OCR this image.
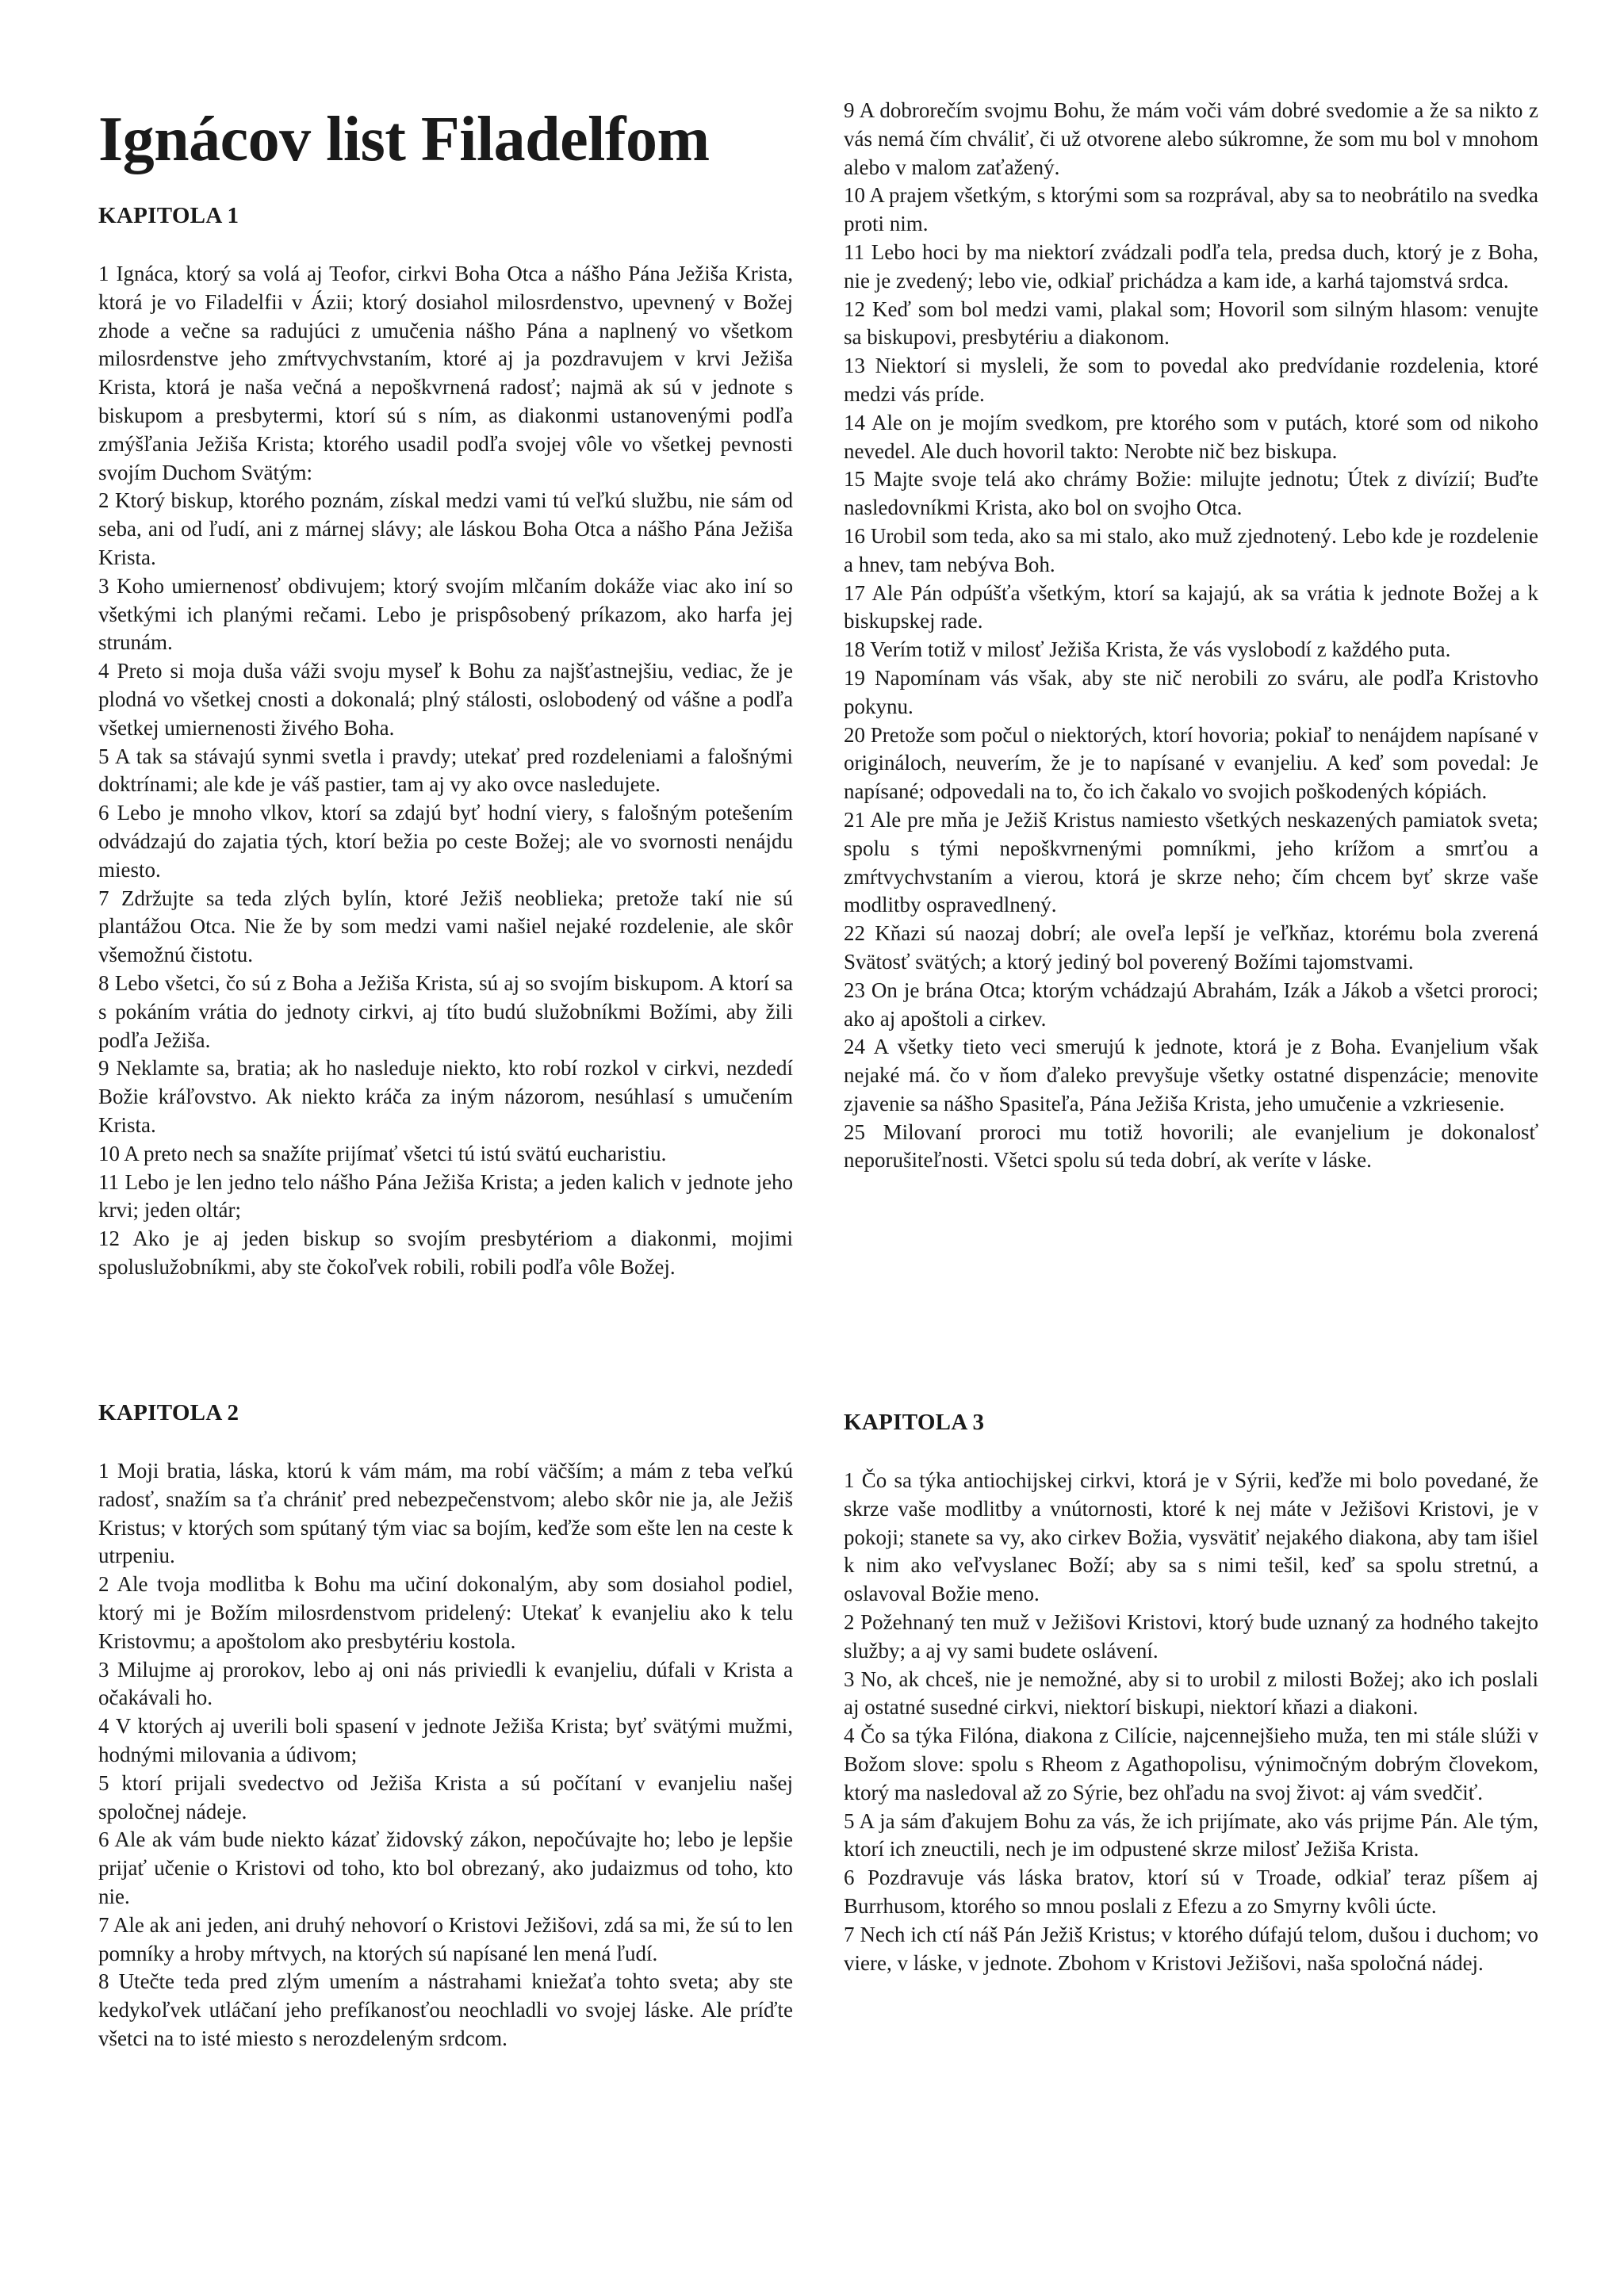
Ignácov list Filadelfom
KAPITOLA 1

1 Ignáca, ktorý sa volá aj Teofor, cirkvi Boha Otca a nášho Pána Ježiša Krista, ktorá je vo Filadelfii v Ázii; ktorý dosiahol milosrdenstvo, upevnený v Božej zhode a večne sa radujúci z umučenia nášho Pána a naplnený vo všetkom milosrdenstve jeho zmŕtvychvstaním, ktoré aj ja pozdravujem v krvi Ježiša Krista, ktorá je naša večná a nepoškvrnená radosť; najmä ak sú v jednote s biskupom a presbytermi, ktorí sú s ním, as diakonmi ustanovenými podľa zmýšľania Ježiša Krista; ktorého usadil podľa svojej vôle vo všetkej pevnosti svojím Duchom Svätým:

2 Ktorý biskup, ktorého poznám, získal medzi vami tú veľkú službu, nie sám od seba, ani od ľudí, ani z márnej slávy; ale láskou Boha Otca a nášho Pána Ježiša Krista.

3 Koho umiernenosť obdivujem; ktorý svojím mlčaním dokáže viac ako iní so všetkými ich planými rečami. Lebo je prispôsobený príkazom, ako harfa jej strunám.

4 Preto si moja duša váži svoju myseľ k Bohu za najšťastnejšiu, vediac, že je plodná vo všetkej cnosti a dokonalá; plný stálosti, oslobodený od vášne a podľa všetkej umiernenosti živého Boha.

5 A tak sa stávajú synmi svetla i pravdy; utekať pred rozdeleniami a falošnými doktrínami; ale kde je váš pastier, tam aj vy ako ovce nasledujete.

6 Lebo je mnoho vlkov, ktorí sa zdajú byť hodní viery, s falošným potešením odvádzajú do zajatia tých, ktorí bežia po ceste Božej; ale vo svornosti nenájdu miesto.

7 Zdržujte sa teda zlých bylín, ktoré Ježiš neoblieka; pretože takí nie sú plantážou Otca. Nie že by som medzi vami našiel nejaké rozdelenie, ale skôr všemožnú čistotu.

8 Lebo všetci, čo sú z Boha a Ježiša Krista, sú aj so svojím biskupom. A ktorí sa s pokáním vrátia do jednoty cirkvi, aj títo budú služobníkmi Božími, aby žili podľa Ježiša.

9 Neklamte sa, bratia; ak ho nasleduje niekto, kto robí rozkol v cirkvi, nezdedí Božie kráľovstvo. Ak niekto kráča za iným názorom, nesúhlasí s umučením Krista.

10 A preto nech sa snažíte prijímať všetci tú istú svätú eucharistiu.

11 Lebo je len jedno telo nášho Pána Ježiša Krista; a jeden kalich v jednote jeho krvi; jeden oltár;

12 Ako je aj jeden biskup so svojím presbytériom a diakonmi, mojimi spoluslužobníkmi, aby ste čokoľvek robili, robili podľa vôle Božej.

KAPITOLA 2

1 Moji bratia, láska, ktorú k vám mám, ma robí väčším; a mám z teba veľkú radosť, snažím sa ťa chrániť pred nebezpečenstvom; alebo skôr nie ja, ale Ježiš Kristus; v ktorých som spútaný tým viac sa bojím, keďže som ešte len na ceste k utrpeniu.

2 Ale tvoja modlitba k Bohu ma učiní dokonalým, aby som dosiahol podiel, ktorý mi je Božím milosrdenstvom pridelený: Utekať k evanjeliu ako k telu Kristovmu; a apoštolom ako presbytériu kostola.

3 Milujme aj prorokov, lebo aj oni nás priviedli k evanjeliu, dúfali v Krista a očakávali ho.

4 V ktorých aj uverili boli spasení v jednote Ježiša Krista; byť svätými mužmi, hodnými milovania a údivom;

5 ktorí prijali svedectvo od Ježiša Krista a sú počítaní v evanjeliu našej spoločnej nádeje.

6 Ale ak vám bude niekto kázať židovský zákon, nepočúvajte ho; lebo je lepšie prijať učenie o Kristovi od toho, kto bol obrezaný, ako judaizmus od toho, kto nie.

7 Ale ak ani jeden, ani druhý nehovorí o Kristovi Ježišovi, zdá sa mi, že sú to len pomníky a hroby mŕtvych, na ktorých sú napísané len mená ľudí.

8 Utečte teda pred zlým umením a nástrahami kniežaťa tohto sveta; aby ste kedykoľvek utláčaní jeho prefíkanosťou neochladli vo svojej láske. Ale príďte všetci na to isté miesto s nerozdeleným srdcom.

9 A dobrorečím svojmu Bohu, že mám voči vám dobré svedomie a že sa nikto z vás nemá čím chváliť, či už otvorene alebo súkromne, že som mu bol v mnohom alebo v malom zaťažený.

10 A prajem všetkým, s ktorými som sa rozprával, aby sa to neobrátilo na svedka proti nim.

11 Lebo hoci by ma niektorí zvádzali podľa tela, predsa duch, ktorý je z Boha, nie je zvedený; lebo vie, odkiaľ prichádza a kam ide, a karhá tajomstvá srdca.

12 Keď som bol medzi vami, plakal som; Hovoril som silným hlasom: venujte sa biskupovi, presbytériu a diakonom.

13 Niektorí si mysleli, že som to povedal ako predvídanie rozdelenia, ktoré medzi vás príde.

14 Ale on je mojím svedkom, pre ktorého som v putách, ktoré som od nikoho nevedel. Ale duch hovoril takto: Nerobte nič bez biskupa.

15 Majte svoje telá ako chrámy Božie: milujte jednotu; Útek z divízií; Buďte nasledovníkmi Krista, ako bol on svojho Otca.

16 Urobil som teda, ako sa mi stalo, ako muž zjednotený. Lebo kde je rozdelenie a hnev, tam nebýva Boh.

17 Ale Pán odpúšťa všetkým, ktorí sa kajajú, ak sa vrátia k jednote Božej a k biskupskej rade.

18 Verím totiž v milosť Ježiša Krista, že vás vyslobodí z každého puta.

19 Napomínam vás však, aby ste nič nerobili zo sváru, ale podľa Kristovho pokynu.

20 Pretože som počul o niektorých, ktorí hovoria; pokiaľ to nenájdem napísané v origináloch, neuverím, že je to napísané v evanjeliu. A keď som povedal: Je napísané; odpovedali na to, čo ich čakalo vo svojich poškodených kópiách.

21 Ale pre mňa je Ježiš Kristus namiesto všetkých neskazených pamiatok sveta; spolu s tými nepoškvrnenými pomníkmi, jeho krížom a smrťou a zmŕtvychvstaním a vierou, ktorá je skrze neho; čím chcem byť skrze vaše modlitby ospravedlnený.

22 Kňazi sú naozaj dobrí; ale oveľa lepší je veľkňaz, ktorému bola zverená Svätosť svätých; a ktorý jediný bol poverený Božími tajomstvami.

23 On je brána Otca; ktorým vchádzajú Abrahám, Izák a Jákob a všetci proroci; ako aj apoštoli a cirkev.

24 A všetky tieto veci smerujú k jednote, ktorá je z Boha. Evanjelium však nejaké má. čo v ňom ďaleko prevyšuje všetky ostatné dispenzácie; menovite zjavenie sa nášho Spasiteľa, Pána Ježiša Krista, jeho umučenie a vzkriesenie.

25 Milovaní proroci mu totiž hovorili; ale evanjelium je dokonalosť neporušiteľnosti. Všetci spolu sú teda dobrí, ak veríte v láske.

KAPITOLA 3

1 Čo sa týka antiochijskej cirkvi, ktorá je v Sýrii, keďže mi bolo povedané, že skrze vaše modlitby a vnútornosti, ktoré k nej máte v Ježišovi Kristovi, je v pokoji; stanete sa vy, ako cirkev Božia, vysvätiť nejakého diakona, aby tam išiel k nim ako veľvyslanec Boží; aby sa s nimi tešil, keď sa spolu stretnú, a oslavoval Božie meno.

2 Požehnaný ten muž v Ježišovi Kristovi, ktorý bude uznaný za hodného takejto služby; a aj vy sami budete oslávení.

3 No, ak chceš, nie je nemožné, aby si to urobil z milosti Božej; ako ich poslali aj ostatné susedné cirkvi, niektorí biskupi, niektorí kňazi a diakoni.

4 Čo sa týka Filóna, diakona z Cilície, najcennejšieho muža, ten mi stále slúži v Božom slove: spolu s Rheom z Agathopolisu, výnimočným dobrým človekom, ktorý ma nasledoval až zo Sýrie, bez ohľadu na svoj život: aj vám svedčiť.

5 A ja sám ďakujem Bohu za vás, že ich prijímate, ako vás prijme Pán. Ale tým, ktorí ich zneuctili, nech je im odpustené skrze milosť Ježiša Krista.

6 Pozdravuje vás láska bratov, ktorí sú v Troade, odkiaľ teraz píšem aj Burrhusom, ktorého so mnou poslali z Efezu a zo Smyrny kvôli úcte.

7 Nech ich ctí náš Pán Ježiš Kristus; v ktorého dúfajú telom, dušou i duchom; vo viere, v láske, v jednote. Zbohom v Kristovi Ježišovi, naša spoločná nádej.
